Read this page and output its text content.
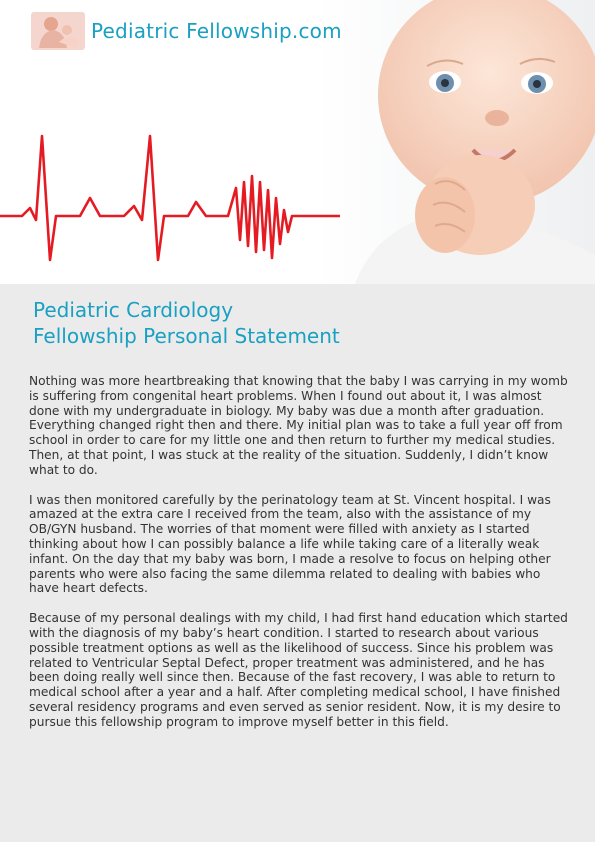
Pediatric Fellowship.com
Pediatric Cardiology
Fellowship Personal Statement

Nothing was more heartbreaking that knowing that the baby I was carrying in my womb is suffering from congenital heart problems. When I found out about it, I was almost done with my undergraduate in biology. My baby was due a month after graduation. Everything changed right then and there. My initial plan was to take a full year off from school in order to care for my little one and then return to further my medical studies. Then, at that point, I was stuck at the reality of the situation. Suddenly, I didn’t know what to do.

I was then monitored carefully by the perinatology team at St. Vincent hospital. I was amazed at the extra care I received from the team, also with the assistance of my OB/GYN husband. The worries of that moment were filled with anxiety as I started thinking about how I can possibly balance a life while taking care of a literally weak infant. On the day that my baby was born, I made a resolve to focus on helping other parents who were also facing the same dilemma related to dealing with babies who have heart defects.

Because of my personal dealings with my child, I had first hand education which started with the diagnosis of my baby’s heart condition. I started to research about various possible treatment options as well as the likelihood of success. Since his problem was related to Ventricular Septal Defect, proper treatment was administered, and he has been doing really well since then. Because of the fast recovery, I was able to return to medical school after a year and a half. After completing medical school, I have finished several residency programs and even served as senior resident. Now, it is my desire to pursue this fellowship program to improve myself better in this field.
